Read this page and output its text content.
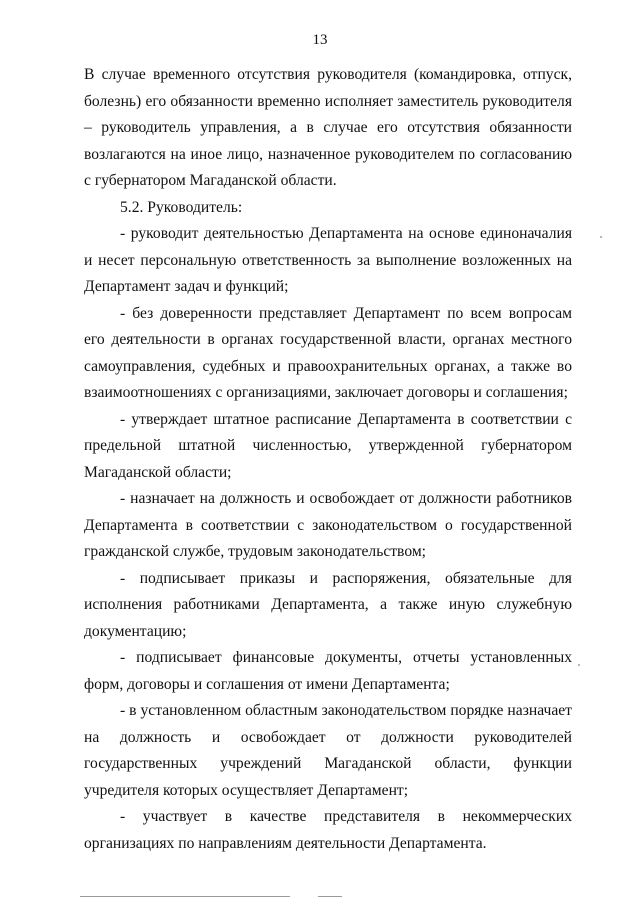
13

В случае временного отсутствия руководителя (командировка, отпуск, болезнь) его обязанности временно исполняет заместитель руководителя – руководитель управления, а в случае его отсутствия обязанности возлагаются на иное лицо, назначенное руководителем по согласованию с губернатором Магаданской области.

5.2. Руководитель:

- руководит деятельностью Департамента на основе единоначалия и несет персональную ответственность за выполнение возложенных на Департамент задач и функций;

- без доверенности представляет Департамент по всем вопросам его деятельности в органах государственной власти, органах местного самоуправления, судебных и правоохранительных органах, а также во взаимоотношениях с организациями, заключает договоры и соглашения;

- утверждает штатное расписание Департамента в соответствии с предельной штатной численностью, утвержденной губернатором Магаданской области;

- назначает на должность и освобождает от должности работников Департамента в соответствии с законодательством о государственной гражданской службе, трудовым законодательством;

- подписывает приказы и распоряжения, обязательные для исполнения работниками Департамента, а также иную служебную документацию;

- подписывает финансовые документы, отчеты установленных форм, договоры и соглашения от имени Департамента;

- в установленном областным законодательством порядке назначает на должность и освобождает от должности руководителей государственных учреждений Магаданской области, функции учредителя которых осуществляет Департамент;

- участвует в качестве представителя в некоммерческих организациях по направлениям деятельности Департамента.
